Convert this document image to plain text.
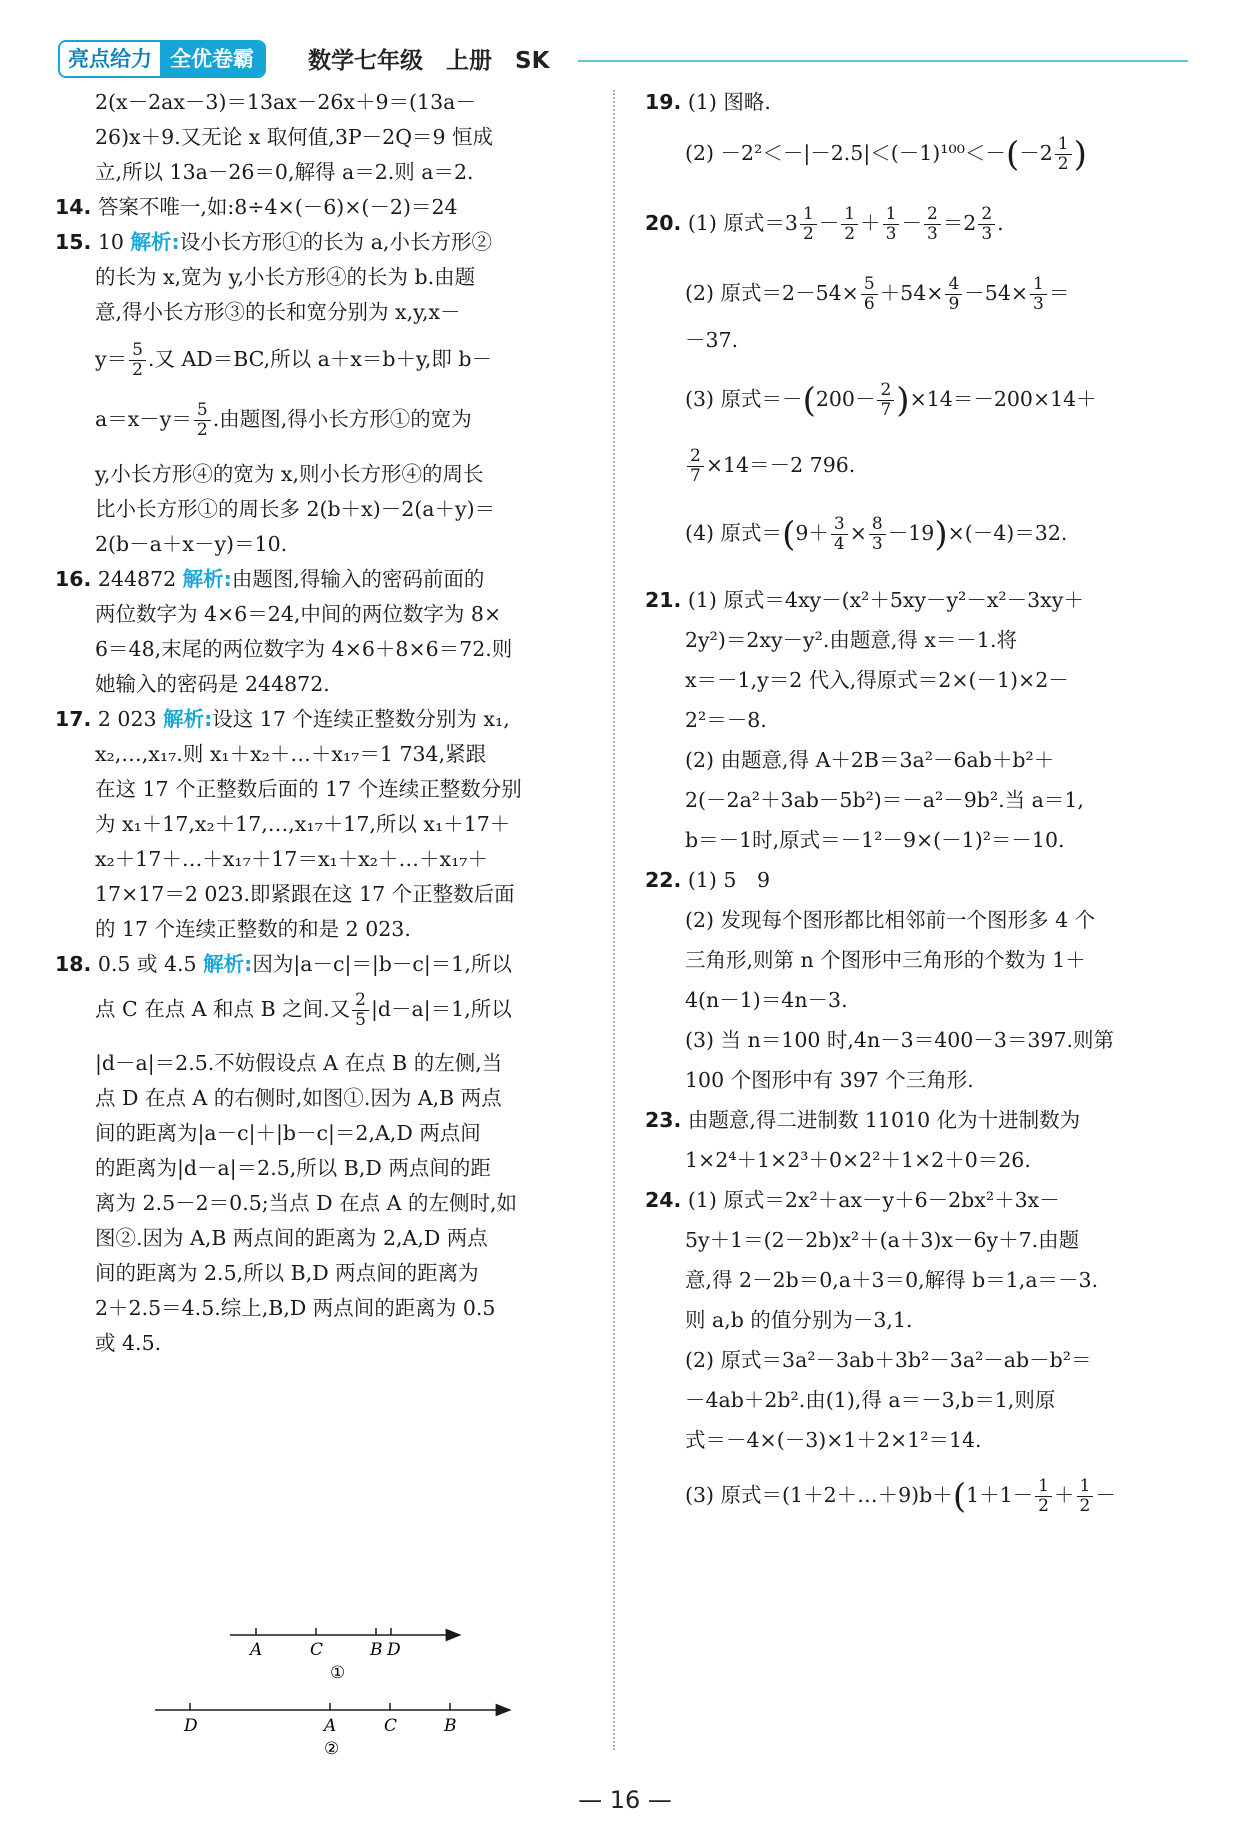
亮点给力 全优卷霸	数学七年级　上册　SK
2(x－2ax－3)＝13ax－26x＋9＝(13a－
26)x＋9.又无论 x 取何值,3P－2Q＝9 恒成
立,所以 13a－26＝0,解得 a＝2.则 a＝2.
14. 答案不唯一,如:8÷4×(－6)×(－2)＝24
15. 10 解析:设小长方形①的长为 a,小长方形②
的长为 x,宽为 y,小长方形④的长为 b.由题
意,得小长方形③的长和宽分别为 x,y,x－
$y= \frac{5}{2}$ .又 AD＝BC,所以 a＋x＝b＋y,即 b－
$a=x-y= \frac{5}{2}$ .由题图,得小长方形①的宽为
y,小长方形④的宽为 x,则小长方形④的周长
比小长方形①的周长多 2(b＋x)－2(a＋y)＝
2(b－a＋x－y)＝10.
16. 244872 解析:由题图,得输入的密码前面的
两位数字为 4×6＝24,中间的两位数字为 8×
6＝48,末尾的两位数字为 4×6＋8×6＝72.则
她输入的密码是 244872.
17. 2 023 解析:设这 17 个连续正整数分别为 x₁,
x₂,…,x₁₇.则 x₁＋x₂＋…＋x₁₇＝1 734,紧跟
在这 17 个正整数后面的 17 个连续正整数分别
为 x₁＋17,x₂＋17,…,x₁₇＋17,所以 x₁＋17＋
x₂＋17＋…＋x₁₇＋17＝x₁＋x₂＋…＋x₁₇＋
17×17＝2 023.即紧跟在这 17 个正整数后面
的 17 个连续正整数的和是 2 023.
18. 0.5 或 4.5 解析:因为|a－c|＝|b－c|＝1,所以
点 C 在点 A 和点 B 之间.又 $\frac{2}{5} |d-a|=1$,所以
|d－a|＝2.5.不妨假设点 A 在点 B 的左侧,当
点 D 在点 A 的右侧时,如图①.因为 A,B 两点
间的距离为|a－c|＋|b－c|＝2,A,D 两点间
的距离为|d－a|＝2.5,所以 B,D 两点间的距
离为 2.5－2＝0.5;当点 D 在点 A 的左侧时,如
图②.因为 A,B 两点间的距离为 2,A,D 两点
间的距离为 2.5,所以 B,D 两点间的距离为
2＋2.5＝4.5.综上,B,D 两点间的距离为 0.5
或 4.5.
A	C	B D
①
D	A	C	B
②
19. (1) 图略.
$(2) -2^2<-|-2.5|<(-1)^{100}<-(-2 \frac{1}{2}$ )
20. (1) 原式$=3 \frac{1}{2} - \frac{1}{2} + \frac{1}{3} - \frac{2}{3} =2 \frac{2}{3}$ .
(2) 原式$=2-54\times \frac{5}{6} +54\times \frac{4}{9} -54\times \frac{1}{3}$ ＝
－37.
(3) 原式$=-(200- \frac{2}{7} )\times 14=-200\times 14+$
$\frac{2}{7} \times 14=-2$ 796.
(4) 原式$=(9+ \frac{3}{4} \times \frac{8}{3} -19)\times(-4)=32$.
21. (1) 原式＝4xy－(x²＋5xy－y²－x²－3xy＋
2y²)＝2xy－y².由题意,得 x＝－1.将
x＝－1,y＝2 代入,得原式＝2×(－1)×2－
2²＝－8.
(2) 由题意,得 A＋2B＝3a²－6ab＋b²＋
2(－2a²＋3ab－5b²)＝－a²－9b².当 a＝1,
b＝－1时,原式＝－1²－9×(－1)²＝－10.
22. (1) 5　9
(2) 发现每个图形都比相邻前一个图形多 4 个
三角形,则第 n 个图形中三角形的个数为 1＋
4(n－1)＝4n－3.
(3) 当 n＝100 时,4n－3＝400－3＝397.则第
100 个图形中有 397 个三角形.
23. 由题意,得二进制数 11010 化为十进制数为
1×2⁴＋1×2³＋0×2²＋1×2＋0＝26.
24. (1) 原式＝2x²＋ax－y＋6－2bx²＋3x－
5y＋1＝(2－2b)x²＋(a＋3)x－6y＋7.由题
意,得 2－2b＝0,a＋3＝0,解得 b＝1,a＝－3.
则 a,b 的值分别为－3,1.
(2) 原式＝3a²－3ab＋3b²－3a²－ab－b²＝
－4ab＋2b².由(1),得 a＝－3,b＝1,则原
式＝－4×(－3)×1＋2×1²＝14.
(3) 原式＝(1＋2＋…＋9)b＋(1＋1－ $\frac{1}{2} + \frac{1}{2}$ －
— 16 —
